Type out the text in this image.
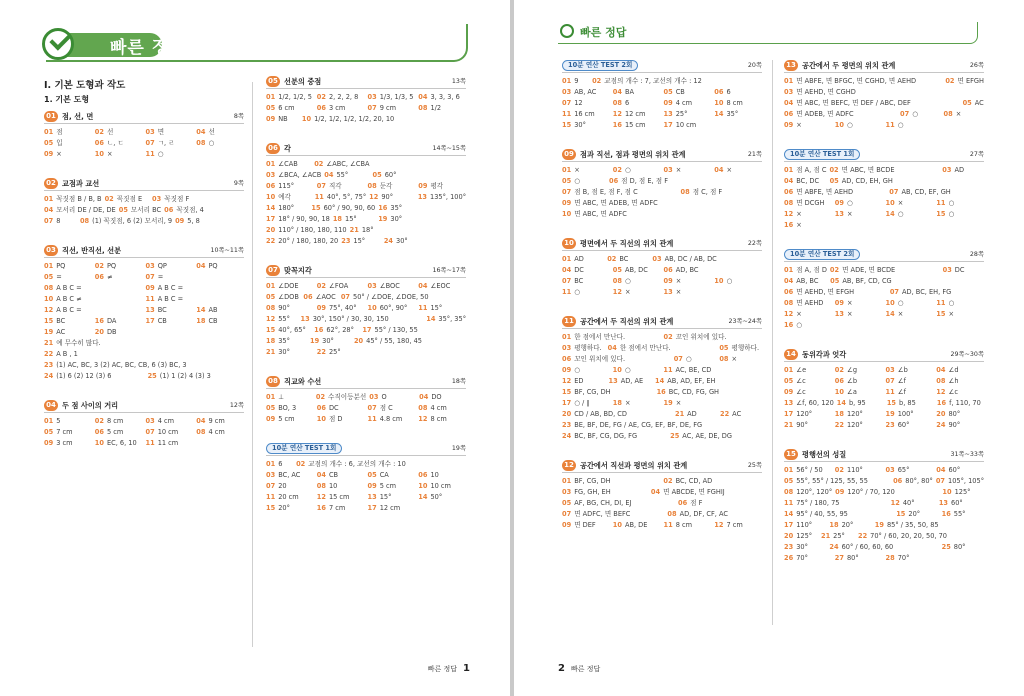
빠른 정답
Ⅰ. 기본 도형과 작도
1. 기본 도형
01 점, 선, 면	8쪽
01 점	02 선	03 면	04 선
05 입	06 ㄴ, ㄷ	07 ㄱ, ㄹ	08 ○
09 ×	10 ×	11 ○
02 교점과 교선	9쪽
01 꼭짓점 B / B, B 02 꼭짓점 E	03 꼭짓점 F
04 모서리 DE / DE, DE 05 모서리 BC 06 꼭짓점, 4
07 8	08 (1) 꼭짓점, 6 (2) 모서리, 9 09 5, 8
03 직선, 반직선, 선분	10쪽~11쪽
01 PQ	02 PQ	03 QP	04 PQ
05 =	06 ≠	07 =
08 A B C =	09 A B C =
10 A B C ≠	11 A B C =
12 A B C =	13 BC	14 AB
15 BC	16 DA	17 CB	18 CB
19 AC	20 DB
21 예 무수히 많다.
22 A B , 1
23 (1) AC, BC, 3 (2) AC, BC, CB, 6 (3) BC, 3
24 (1) 6 (2) 12 (3) 6	25 (1) 1 (2) 4 (3) 3
04 두 점 사이의 거리	12쪽
01 5	02 8 cm	03 4 cm	04 9 cm
05 7 cm	06 5 cm	07 10 cm	08 4 cm
09 3 cm	10 EC, 6, 10	11 11 cm
05 선분의 중점	13쪽
01 1/2, 1/2, 5 02 2, 2, 2, 8	03 1/3, 1/3, 5 04 3, 3, 3, 6
05 6 cm	06 3 cm	07 9 cm	08 1/2
09 NB	10 1/2, 1/2, 1/2, 1/2, 20, 10
06 각	14쪽~15쪽
01 ∠CAB	02 ∠ABC, ∠CBA
03 ∠BCA, ∠ACB 04 55°	05 60°
06 115°	07 직각	08 둔각	09 평각
10 예각	11 40°, 5°, 75° 12 90°	13 135°, 100°
14 180°	15 60° / 90, 90, 60 16 35°
17 18° / 90, 90, 18 18 15°	19 30°
20 110° / 180, 180, 110 21 18°
22 20° / 180, 180, 20 23 15°	24 30°
07 맞꼭지각	16쪽~17쪽
01 ∠DOE	02 ∠FOA	03 ∠BOC	04 ∠EOC
05 ∠DOB 06 ∠AOC 07 50° / ∠DOE, ∠DOE, 50
08 90°	09 75°, 40°	10 60°, 90°	11 15°
12 55°	13 30°, 150° / 30, 30, 150	14 35°, 35°
15 40°, 65°	16 62°, 28°	17 55° / 130, 55
18 35°	19 30°	20 45° / 55, 180, 45
21 30°	22 25°
08 직교와 수선	18쪽
01 ⊥	02 수직이등분선 03 O	04 DO
05 BO, 3	06 DC	07 점 C	08 4 cm
09 5 cm	10 점 D	11 4.8 cm	12 8 cm
10분 연산 TEST 1회	19쪽
01 6	02 교점의 개수 : 6, 교선의 개수 : 10
03 BC, AC	04 CB	05 CA	06 10
07 20	08 10	09 5 cm	10 10 cm
11 20 cm	12 15 cm	13 15°	14 50°
15 20°	16 7 cm	17 12 cm
빠른 정답 1
빠른 정답
10분 연산 TEST 2회	20쪽
01 9	02 교점의 개수 : 7, 교선의 개수 : 12
03 AB, AC	04 BA	05 CB	06 6
07 12	08 6	09 4 cm	10 8 cm
11 16 cm	12 12 cm	13 25°	14 35°
15 30°	16 15 cm	17 10 cm
09 점과 직선, 점과 평면의 위치 관계	21쪽
01 ×	02 ○	03 ×	04 ×
05 ○	06 점 D, 점 E, 점 F
07 점 B, 점 E, 점 F, 점 C	08 점 C, 점 F
09 면 ABC, 면 ADEB, 면 ADFC
10 면 ABC, 면 ADFC
10 평면에서 두 직선의 위치 관계	22쪽
01 AD	02 BC	03 AB, DC / AB, DC
04 DC	05 AB, DC	06 AD, BC
07 BC	08 ○	09 ×	10 ○
11 ○	12 ×	13 ×
11 공간에서 두 직선의 위치 관계	23쪽~24쪽
01 한 점에서 만난다.	02 꼬인 위치에 있다.
03 평행하다. 04 한 점에서 만난다.	05 평행하다.
06 꼬인 위치에 있다.	07 ○	08 ×
09 ○	10 ○	11 AC, BE, CD
12 ED	13 AD, AE	14 AB, AD, EF, EH
15 BF, CG, DH	16 BC, CD, FG, GH
17 ○ / ∥	18 ×	19 ×
20 CD / AB, BD, CD	21 AD	22 AC
23 BE, BF, DE, FG / AE, CG, EF, BF, DE, FG
24 BC, BF, CG, DG, FG	25 AC, AE, DE, DG
12 공간에서 직선과 평면의 위치 관계	25쪽
01 BF, CG, DH	02 BC, CD, AD
03 FG, GH, EH	04 면 ABCDE, 면 FGHIJ
05 AF, BG, CH, DI, EJ	06 점 F
07 면 ADFC, 면 BEFC	08 AD, DF, CF, AC
09 면 DEF	10 AB, DE	11 8 cm	12 7 cm
13 공간에서 두 평면의 위치 관계	26쪽
01 면 ABFE, 면 BFGC, 면 CGHD, 면 AEHD	02 면 EFGH
03 면 AEHD, 면 CGHD
04 면 ABC, 면 BEFC, 면 DEF / ABC, DEF	05 AC
06 면 ADEB, 면 ADFC	07 ○	08 ×
09 ×	10 ○	11 ○
10분 연산 TEST 1회	27쪽
01 점 A, 점 C 02 면 ABC, 면 BCDE	03 AD
04 BC, DC	05 AD, CD, EH, GH
06 면 ABFE, 면 AEHD	07 AB, CD, EF, GH
08 면 DCGH	09 ○	10 ×	11 ○
12 ×	13 ×	14 ○	15 ○
16 ×
10분 연산 TEST 2회	28쪽
01 점 A, 점 D 02 면 ADE, 면 BCDE	03 DC
04 AB, BC	05 AB, BF, CD, CG
06 면 AEHD, 면 EFGH	07 AD, BC, EH, FG
08 면 AEHD	09 ×	10 ○	11 ○
12 ×	13 ×	14 ×	15 ×
16 ○
14 동위각과 엇각	29쪽~30쪽
01 ∠e	02 ∠g	03 ∠b	04 ∠d
05 ∠c	06 ∠b	07 ∠f	08 ∠h
09 ∠c	10 ∠a	11 ∠f	12 ∠c
13 ∠f, 60, 120 14 b, 95	15 b, 85	16 f, 110, 70
17 120°	18 120°	19 100°	20 80°
21 90°	22 120°	23 60°	24 90°
15 평행선의 성질	31쪽~33쪽
01 56° / 50	02 110°	03 65°	04 60°
05 55°, 55° / 125, 55, 55	06 80°, 80° 07 105°, 105°
08 120°, 120° 09 120° / 70, 120	10 125°
11 75° / 180, 75	12 40°	13 60°
14 95° / 40, 55, 95	15 20°	16 55°
17 110°	18 20°	19 85° / 35, 50, 85
20 125°	21 25°	22 70° / 60, 20, 20, 50, 70
23 30°	24 60° / 60, 60, 60	25 80°
26 70°	27 80°	28 70°
2 빠른 정답
